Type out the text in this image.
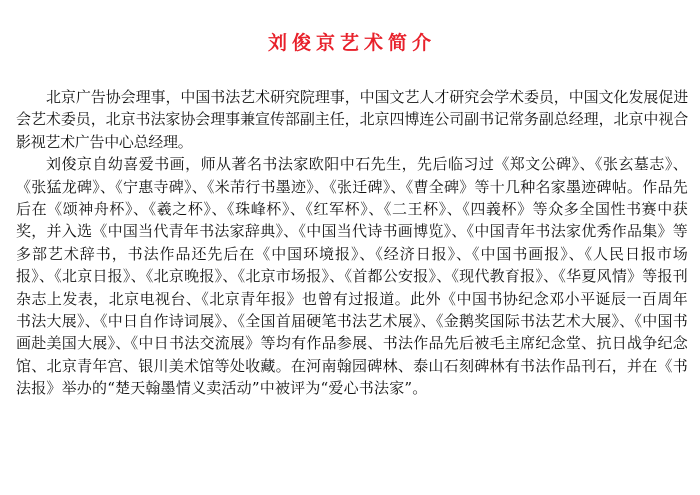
刘俊京艺术简介

北京广告协会理事，中国书法艺术研究院理事，中国文艺人才研究会学术委员，中国文化发展促进会艺术委员，北京书法家协会理事兼宣传部副主任，北京四博连公司副书记常务副总经理，北京中视合影视艺术广告中心总经理。

刘俊京自幼喜爱书画，师从著名书法家欧阳中石先生，先后临习过《郑文公碑》、《张玄墓志》、《张猛龙碑》、《宁惠寺碑》、《米芾行书墨迹》、《张迁碑》、《曹全碑》等十几种名家墨迹碑帖。作品先后在《颂神舟杯》、《羲之杯》、《珠峰杯》、《红军杯》、《二王杯》、《四義杯》等众多全国性书赛中获奖，并入选《中国当代青年书法家辞典》、《中国当代诗书画博览》、《中国青年书法家优秀作品集》等多部艺术辞书，书法作品还先后在《中国环境报》、《经济日报》、《中国书画报》、《人民日报市场报》、《北京日报》、《北京晚报》、《北京市场报》、《首都公安报》、《现代教育报》、《华夏风情》等报刊杂志上发表，北京电视台、《北京青年报》也曾有过报道。此外《中国书协纪念邓小平诞辰一百周年书法大展》、《中日自作诗词展》、《全国首届硬笔书法艺术展》、《金鹅奖国际书法艺术大展》、《中国书画赴美国大展》、《中日书法交流展》等均有作品参展、书法作品先后被毛主席纪念堂、抗日战争纪念馆、北京青年宫、银川美术馆等处收藏。在河南翰园碑林、泰山石刻碑林有书法作品刊石，并在《书法报》举办的“楚天翰墨情义卖活动”中被评为“爱心书法家”。
